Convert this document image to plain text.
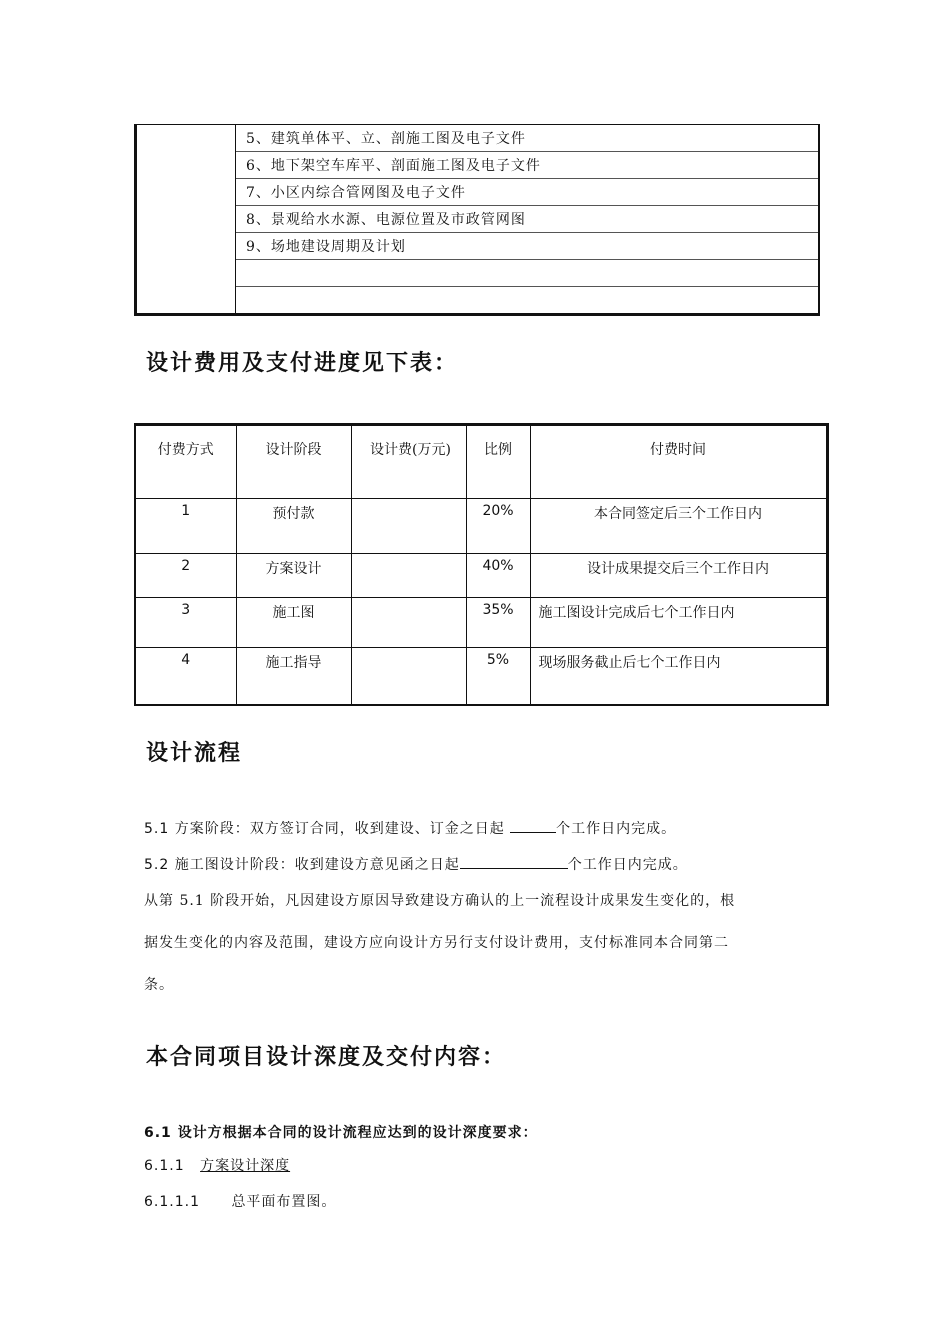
	5、建筑单体平、立、剖施工图及电子文件
6、地下架空车库平、剖面施工图及电子文件
7、小区内综合管网图及电子文件
8、景观给水水源、电源位置及市政管网图
9、场地建设周期及计划

设计费用及支付进度见下表：
付费方式	设计阶段	设计费(万元)	比例	付费时间
1	预付款		20%	本合同签定后三个工作日内
2	方案设计		40%	设计成果提交后三个工作日内
3	施工图		35%	施工图设计完成后七个工作日内
4	施工指导		5%	现场服务截止后七个工作日内
设计流程
5.1 方案阶段：双方签订合同，收到建设、订金之日起	个工作日内完成。
5.2 施工图设计阶段：收到建设方意见函之日起	个工作日内完成。
从第 5.1 阶段开始，凡因建设方原因导致建设方确认的上一流程设计成果发生变化的，根
据发生变化的内容及范围，建设方应向设计方另行支付设计费用，支付标准同本合同第二
条。
本合同项目设计深度及交付内容：
6.1 设计方根据本合同的设计流程应达到的设计深度要求：
6.1.1 方案设计深度
6.1.1.1 总平面布置图。
